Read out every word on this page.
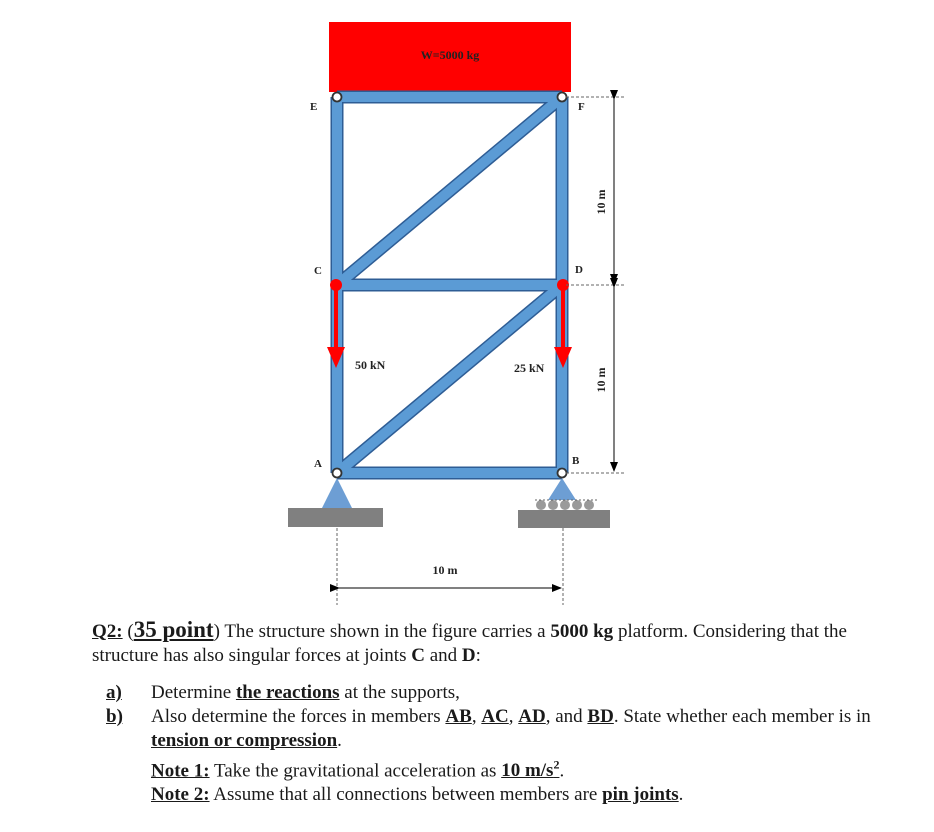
W=5000 kg
E	F
C	D
A	B
50 kN	25 kN
10 m
10 m
10 m

Q2: (35 point) The structure shown in the figure carries a 5000 kg platform. Considering that the structure has also singular forces at joints C and D:

a) Determine the reactions at the supports,
b) Also determine the forces in members AB, AC, AD, and BD. State whether each member is in tension or compression.
Note 1: Take the gravitational acceleration as 10 $m/s^2$.
Note 2: Assume that all connections between members are pin joints.
